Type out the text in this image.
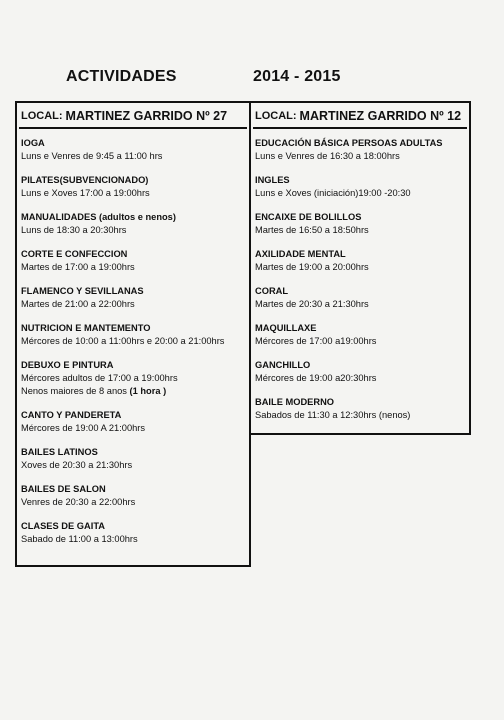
ACTIVIDADES	2014 - 2015
LOCAL: MARTINEZ GARRIDO Nº 27
IOGA
Luns e Venres de 9:45 a 11:00 hrs
PILATES(SUBVENCIONADO)
Luns e Xoves 17:00 a 19:00hrs
MANUALIDADES (adultos e nenos)
Luns de 18:30 a 20:30hrs
CORTE E CONFECCION
Martes de 17:00 a 19:00hrs
FLAMENCO Y SEVILLANAS
Martes de 21:00 a 22:00hrs
NUTRICION E MANTEMENTO
Mércores de 10:00 a 11:00hrs e 20:00 a 21:00hrs
DEBUXO E PINTURA
Mércores adultos de 17:00 a 19:00hrs
Nenos maiores de 8 anos (1 hora )
CANTO Y PANDERETA
Mércores de 19:00 A 21:00hrs
BAILES LATINOS
Xoves de 20:30 a 21:30hrs
BAILES DE SALON
Venres de 20:30 a 22:00hrs
CLASES DE GAITA
Sabado de 11:00 a 13:00hrs
LOCAL: MARTINEZ GARRIDO Nº 12
EDUCACIÓN BÁSICA PERSOAS ADULTAS
Luns e Venres de 16:30 a 18:00hrs
INGLES
Luns e Xoves (iniciación)19:00 -20:30
ENCAIXE DE BOLILLOS
Martes de 16:50 a 18:50hrs
AXILIDADE MENTAL
Martes de 19:00 a 20:00hrs
CORAL
Martes de 20:30 a 21:30hrs
MAQUILLAXE
Mércores de 17:00 a19:00hrs
GANCHILLO
Mércores de 19:00 a20:30hrs
BAILE MODERNO
Sabados de 11:30 a 12:30hrs (nenos)
